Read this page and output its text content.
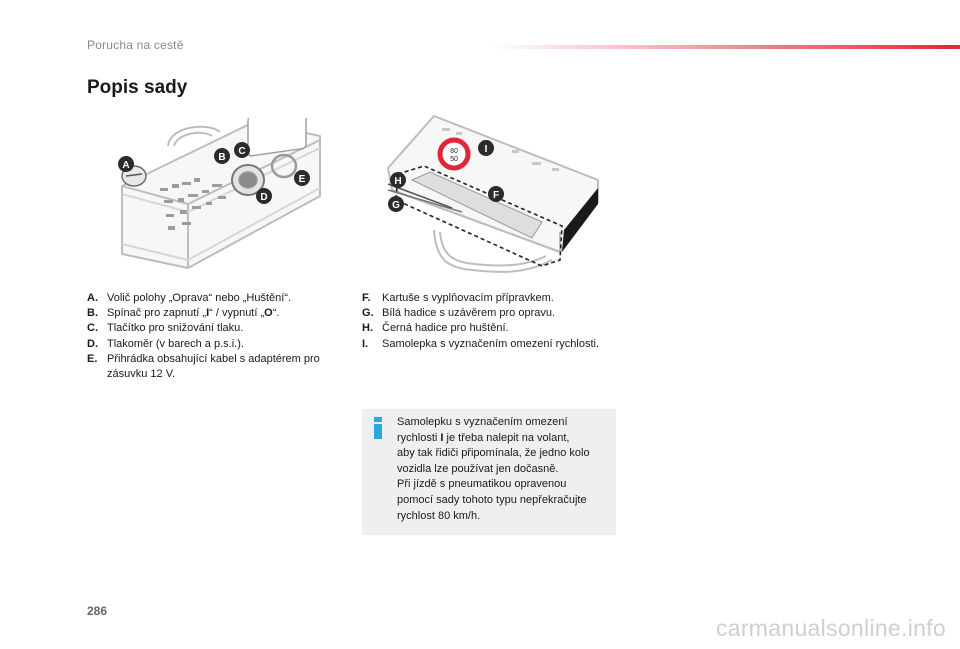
Porucha na cestě
Popis sady
A
B
C
D
E
80
50
I
H
G
F
A. Volič polohy „Oprava“ nebo „Huštění“.
B. Spínač pro zapnutí „I“ / vypnutí „O“.
C. Tlačítko pro snižování tlaku.
D. Tlakoměr (v barech a p.s.i.).
E. Přihrádka obsahující kabel s adaptérem pro zásuvku 12 V.
F.	Kartuše s vyplňovacím přípravkem.
G. Bílá hadice s uzávěrem pro opravu.
H. Černá hadice pro huštění.
I.	Samolepka s vyznačením omezení rychlosti.
Samolepku s vyznačením omezení
rychlosti I je třeba nalepit na volant,
aby tak řidiči připomínala, že jedno kolo
vozidla lze používat jen dočasně.
Při jízdě s pneumatikou opravenou
pomocí sady tohoto typu nepřekračujte
rychlost 80 km/h.
286
carmanualsonline.info
